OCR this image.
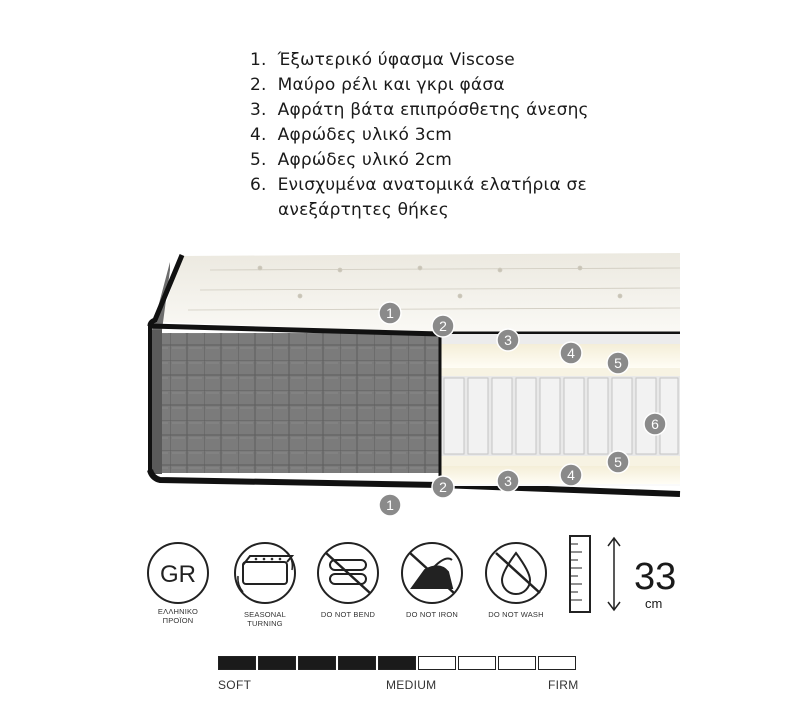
1. Έξωτερικό ύφασμα Viscose
2. Μαύρο ρέλι και γκρι φάσα
3. Αφράτη βάτα επιπρόσθετης άνεσης
4. Αφρώδες υλικό 3cm
5. Αφρώδες υλικό 2cm
6. Ενισχυμένα ανατομικά ελατήρια σε
ανεξάρτητες θήκες
1
2
3
4
5
6
1
2	3	4
5
GR
ΕΛΛΗΝΙΚΟ
ΠΡΟΪΟΝ
SEASONAL
TURNING
DO NOT BEND	DO NOT IRON	DO NOT WASH
33
cm
SOFT	MEDIUM	FIRM
